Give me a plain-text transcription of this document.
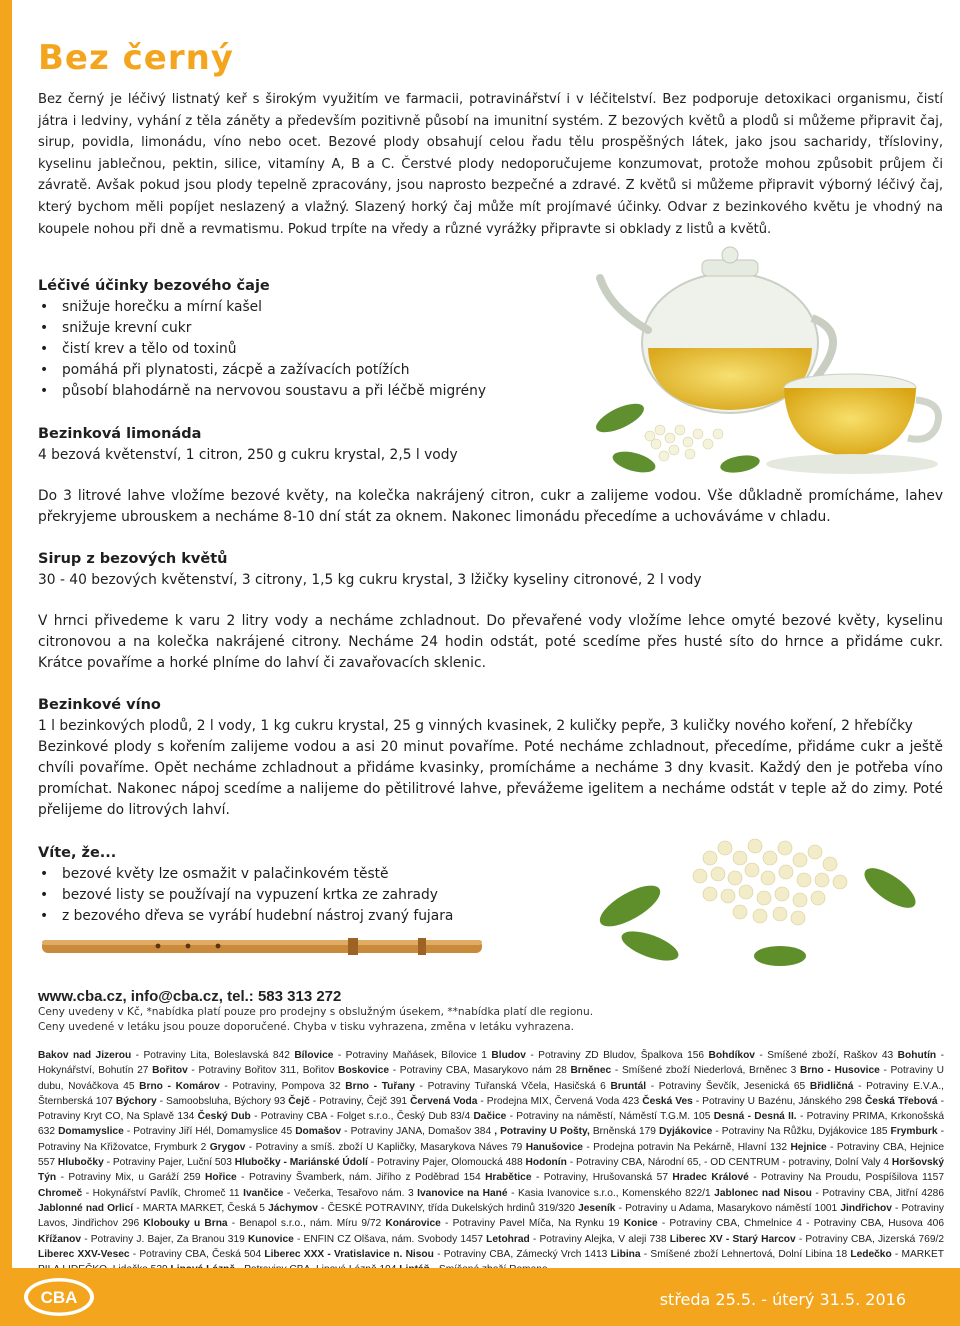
Bez černý
Bez černý je léčivý listnatý keř s širokým využitím ve farmacii, potravinářství i v léčitelství. Bez podporuje detoxikaci organismu, čistí játra i ledviny, vyhání z těla záněty a především pozitivně působí na imunitní systém. Z bezových květů a plodů si můžeme připravit čaj, sirup, povidla, limonádu, víno nebo ocet. Bezové plody obsahují celou řadu tělu prospěšných látek, jako jsou sacharidy, třísloviny, kyselinu jablečnou, pektin, silice, vitamíny A, B a C. Čerstvé plody nedoporučujeme konzumovat, protože mohou způsobit průjem či závratě. Avšak pokud jsou plody tepelně zpracovány, jsou naprosto bezpečné a zdravé. Z květů si můžeme připravit výborný léčivý čaj, který bychom měli popíjet neslazený a vlažný. Slazený horký čaj může mít projímavé účinky. Odvar z bezinkového květu je vhodný na koupele nohou při dně a revmatismu. Pokud trpíte na vředy a různé vyrážky připravte si obklady z listů a květů.
Léčivé účinky bezového čaje
• snižuje horečku a mírní kašel
• snižuje krevní cukr
• čistí krev a tělo od toxinů
• pomáhá při plynatosti, zácpě a zažívacích potížích
• působí blahodárně na nervovou soustavu a při léčbě migrény
Bezinková limonáda
4 bezová květenství, 1 citron, 250 g cukru krystal, 2,5 l vody
Do 3 litrové lahve vložíme bezové květy, na kolečka nakrájený citron, cukr a zalijeme vodou. Vše důkladně promícháme, lahev překryjeme ubrouskem a necháme 8-10 dní stát za oknem. Nakonec limonádu přecedíme a uchováváme v chladu.
Sirup z bezových květů
30 - 40 bezových květenství, 3 citrony, 1,5 kg cukru krystal, 3 lžičky kyseliny citronové, 2 l vody
V hrnci přivedeme k varu 2 litry vody a necháme zchladnout. Do převařené vody vložíme lehce omyté bezové květy, kyselinu citronovou a na kolečka nakrájené citrony. Necháme 24 hodin odstát, poté scedíme přes husté síto do hrnce a přidáme cukr. Krátce povaříme a horké plníme do lahví či zavařovacích sklenic.
Bezinkové víno
1 l bezinkových plodů, 2 l vody, 1 kg cukru krystal, 25 g vinných kvasinek, 2 kuličky pepře, 3 kuličky nového koření, 2 hřebíčky
Bezinkové plody s kořením zalijeme vodou a asi 20 minut povaříme. Poté necháme zchladnout, přecedíme, přidáme cukr a ještě chvíli povaříme. Opět necháme zchladnout a přidáme kvasinky, promícháme a necháme 3 dny kvasit. Každý den je potřeba víno promíchat. Nakonec nápoj scedíme a nalijeme do pětilitrové lahve, převážeme igelitem a necháme odstát v teple až do zimy. Poté přelijeme do litrových lahví.
Víte, že...
• bezové květy lze osmažit v palačinkovém těstě
• bezové listy se používají na vypuzení krtka ze zahrady
• z bezového dřeva se vyrábí hudební nástroj zvaný fujara
www.cba.cz, info@cba.cz, tel.: 583 313 272
Ceny uvedeny v Kč, *nabídka platí pouze pro prodejny s obslužným úsekem, **nabídka platí dle regionu.
Ceny uvedené v letáku jsou pouze doporučené. Chyba v tisku vyhrazena, změna v letáku vyhrazena.
Bakov nad Jizerou - Potraviny Lita, Boleslavská 842 Bílovice - Potraviny Maňásek, Bílovice 1 Bludov - Potraviny ZD Bludov, Špalkova 156 Bohdíkov - Smíšené zboží, Raškov 43 Bohutín - Hokynářství, Bohutín 27 Bořitov - Potraviny Bořitov 311, Bořitov Boskovice - Potraviny CBA, Masarykovo nám 28 Brněnec - Smíšené zboží Niederlová, Brněnec 3 Brno - Husovice - Potraviny U dubu, Nováčkova 45 Brno - Komárov - Potraviny, Pompova 32 Brno - Tuřany - Potraviny Tuřanská Včela, Hasičská 6 Bruntál - Potraviny Ševčík, Jesenická 65 Břidličná - Potraviny E.V.A., Šternberská 107 Býchory - Samoobsluha, Býchory 93 Čejč - Potraviny, Čejč 391 Červená Voda - Prodejna MIX, Červená Voda 423 Česká Ves - Potraviny U Bazénu, Jánského 298 Česká Třebová - Potraviny Kryt CO, Na Splavě 134 Český Dub - Potraviny CBA - Folget s.r.o., Český Dub 83/4 Dačice - Potraviny na náměstí, Náměstí T.G.M. 105 Desná - Desná II. - Potraviny PRIMA, Krkonošská 632 Domamyslice - Potraviny Jiří Hél, Domamyslice 45 Domašov - Potraviny JANA, Domašov 384 , Potraviny U Pošty, Brněnská 179 Dyjákovice - Potraviny Na Růžku, Dyjákovice 185 Frymburk - Potraviny Na Křižovatce, Frymburk 2 Grygov - Potraviny a smíš. zboží U Kapličky, Masarykova Náves 79 Hanušovice - Prodejna potravin Na Pekárně, Hlavní 132 Hejnice - Potraviny CBA, Hejnice 557 Hlubočky - Potraviny Pajer, Luční 503 Hlubočky - Mariánské Údolí - Potraviny Pajer, Olomoucká 488 Hodonín - Potraviny CBA, Národní 65, - OD CENTRUM - potraviny, Dolní Valy 4 Horšovský Týn - Potraviny Mix, u Garáží 259 Hořice - Potraviny Švamberk, nám. Jiřího z Poděbrad 154 Hrabětice - Potraviny, Hrušovanská 57 Hradec Králové - Potraviny Na Proudu, Pospíšilova 1157 Chromeč - Hokynářství Pavlík, Chromeč 11 Ivančice - Večerka, Tesařovo nám. 3 Ivanovice na Hané - Kasia Ivanovice s.r.o., Komenského 822/1 Jablonec nad Nisou - Potraviny CBA, Jitřní 4286 Jablonné nad Orlicí - MARTA MARKET, Česká 5 Jáchymov - ČESKÉ POTRAVINY, třída Dukelských hrdinů 319/320 Jeseník - Potraviny u Adama, Masarykovo náměstí 1001 Jindřichov - Potraviny Lavos, Jindřichov 296 Klobouky u Brna - Benapol s.r.o., nám. Míru 9/72 Konárovice - Potraviny Pavel Míča, Na Rynku 19 Konice - Potraviny CBA, Chmelnice 4 - Potraviny CBA, Husova 406 Křížanov - Potraviny J. Bajer, Za Branou 319 Kunovice - ENFIN CZ Olšava, nám. Svobody 1457 Letohrad - Potraviny Alejka, V aleji 738 Liberec XV - Starý Harcov - Potraviny CBA, Jizerská 769/2 Liberec XXV-Vesec - Potraviny CBA, Česká 504 Liberec XXX - Vratislavice n. Nisou - Potraviny CBA, Zámecký Vrch 1413 Libina - Smíšené zboží Lehnertová, Dolní Libina 18 Ledečko - MARKET
CBA	středa 25.5. - úterý 31.5. 2016
